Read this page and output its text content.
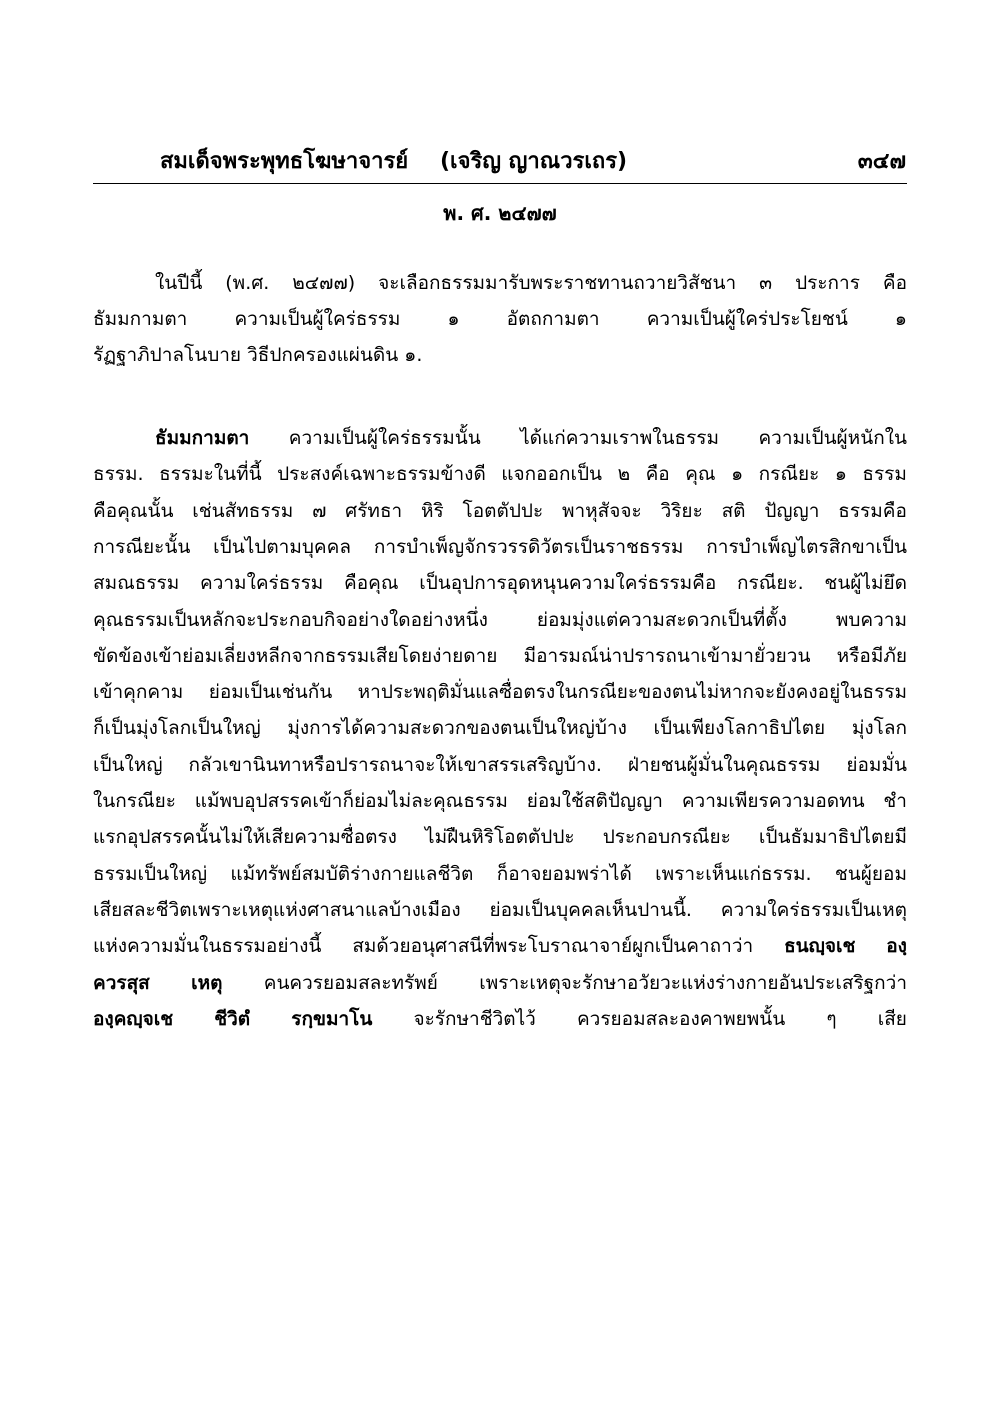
สมเด็จพระพุทธโฆษาจารย์ (เจริญ ญาณวรเถร)	๓๔๗
พ. ศ. ๒๔๗๗
ในปีนี้ (พ.ศ. ๒๔๗๗) จะเลือกธรรมมารับพระราชทานถวายวิสัชนา ๓ ประการ คือ
ธัมมกามตา ความเป็นผู้ใคร่ธรรม ๑ อัตถกามตา ความเป็นผู้ใคร่ประโยชน์ ๑
รัฏฐาภิปาลโนบาย วิธีปกครองแผ่นดิน ๑.
ธัมมกามตา ความเป็นผู้ใคร่ธรรมนั้น ได้แก่ความเราพในธรรม ความเป็นผู้หนักใน
ธรรม. ธรรมะในที่นี้ ประสงค์เฉพาะธรรมข้างดี แจกออกเป็น ๒ คือ คุณ ๑ กรณียะ ๑ ธรรม
คือคุณนั้น เช่นสัทธรรม ๗ ศรัทธา หิริ โอตตัปปะ พาหุสัจจะ วิริยะ สติ ปัญญา ธรรมคือ
การณียะนั้น เป็นไปตามบุคคล การบำเพ็ญจักรวรรดิวัตรเป็นราชธรรม การบำเพ็ญไตรสิกขาเป็น
สมณธรรม ความใคร่ธรรม คือคุณ เป็นอุปการอุดหนุนความใคร่ธรรมคือ กรณียะ. ชนผู้ไม่ยึด
คุณธรรมเป็นหลักจะประกอบกิจอย่างใดอย่างหนึ่ง	ย่อมมุ่งแต่ความสะดวกเป็นที่ตั้ง	พบความ
ขัดข้องเข้าย่อมเลี่ยงหลีกจากธรรมเสียโดยง่ายดาย มีอารมณ์น่าปรารถนาเข้ามายั่วยวน หรือมีภัย
เข้าคุกคาม ย่อมเป็นเช่นกัน หาประพฤติมั่นแลซื่อตรงในกรณียะของตนไม่หากจะยังคงอยู่ในธรรม
ก็เป็นมุ่งโลกเป็นใหญ่ มุ่งการได้ความสะดวกของตนเป็นใหญ่บ้าง เป็นเพียงโลกาธิปไตย มุ่งโลก
เป็นใหญ่ กลัวเขานินทาหรือปรารถนาจะให้เขาสรรเสริญบ้าง. ฝ่ายชนผู้มั่นในคุณธรรม ย่อมมั่น
ในกรณียะ แม้พบอุปสรรคเข้าก็ย่อมไม่ละคุณธรรม ย่อมใช้สติปัญญา ความเพียรความอดทน ชำ
แรกอุปสรรคนั้นไม่ให้เสียความซื่อตรง ไม่ฝืนหิริโอตตัปปะ ประกอบกรณียะ เป็นธัมมาธิปไตยมี
ธรรมเป็นใหญ่ แม้ทรัพย์สมบัติร่างกายแลชีวิต ก็อาจยอมพร่าได้ เพราะเห็นแก่ธรรม. ชนผู้ยอม
เสียสละชีวิตเพราะเหตุแห่งศาสนาแลบ้างเมือง ย่อมเป็นบุคคลเห็นปานนี้. ความใคร่ธรรมเป็นเหตุ
แห่งความมั่นในธรรมอย่างนี้ สมด้วยอนุศาสนีที่พระโบราณาจาย์ผูกเป็นคาถาว่า ธนญฺจเช องฺ
ควรสุส เหตุ คนควรยอมสละทรัพย์ เพราะเหตุจะรักษาอวัยวะแห่งร่างกายอันประเสริฐกว่า
องฺคญฺจเช ชีวิตํ รกฺขมาโน จะรักษาชีวิตไว้ ควรยอมสละองคาพยพนั้น ๆ เสีย
